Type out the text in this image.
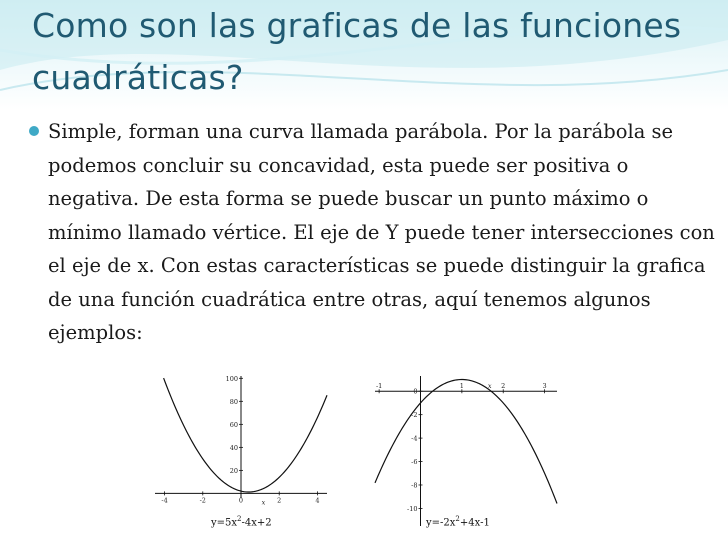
Como son las graficas de las funciones cuadráticas?
Simple, forman una curva llamada parábola. Por la parábola se podemos concluir su concavidad, esta puede ser positiva o negativa. De esta forma se puede buscar un punto máximo o mínimo llamado vértice. El eje de Y puede tener intersecciones con el eje de x. Con estas características se puede distinguir la grafica de una función cuadrática entre otras, aquí tenemos algunos ejemplos:
-4	-2	0	2	4
100
80
60
40
20
x
$y=5x^2-4x+2$
-1	1	2	3
0
-2
-4
-6
-8
-10
x
$y=-2x^2+4x-1$
